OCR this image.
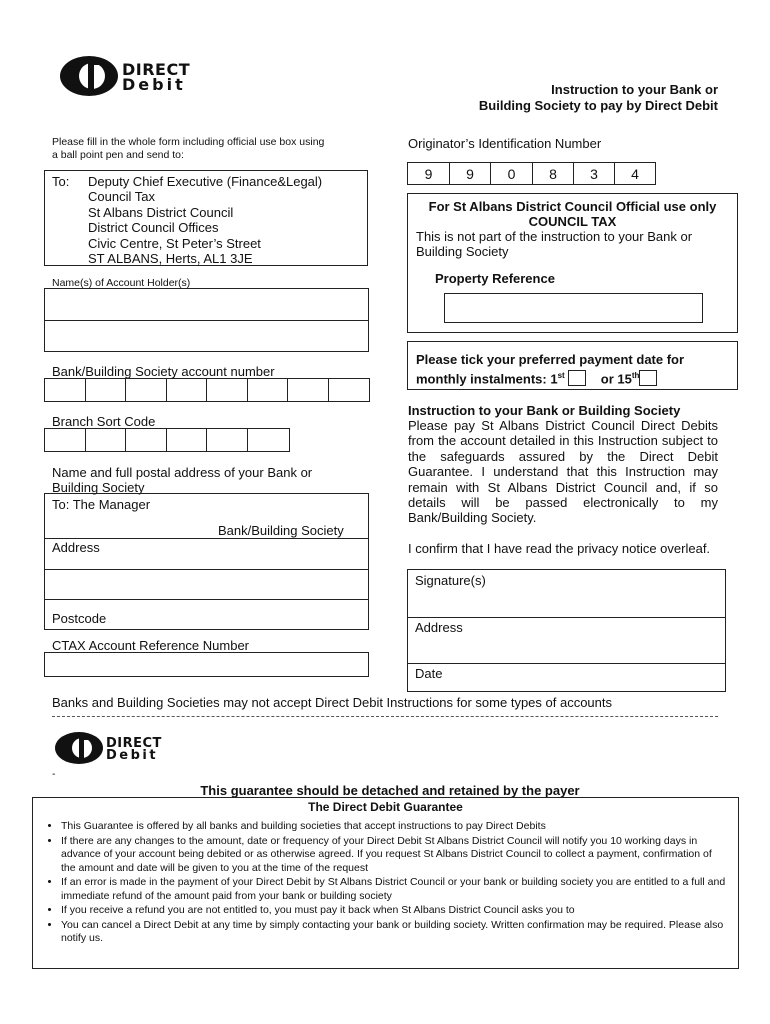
DIRECT
Debit	Instruction to your Bank or
Building Society to pay by Direct Debit
Please fill in the whole form including official use box using
a ball point pen and send to:
To: Deputy Chief Executive (Finance&Legal)
Council Tax
St Albans District Council
District Council Offices
Civic Centre, St Peter’s Street
ST ALBANS, Herts, AL1 3JE
Originator’s Identification Number
9	9	0	8	3	4
For St Albans District Council Official use only
COUNCIL TAX
This is not part of the instruction to your Bank or
Building Society
Property Reference
Name(s) of Account Holder(s)
Bank/Building Society account number
Branch Sort Code
Name and full postal address of your Bank or
Building Society
To: The Manager
Bank/Building Society
Address
Postcode
CTAX Account Reference Number
Please tick your preferred payment date for
monthly instalments: 1st	or 15th
Instruction to your Bank or Building Society
Please pay St Albans District Council Direct Debits from the account detailed in this Instruction subject to the safeguards assured by the Direct Debit Guarantee. I understand that this Instruction may remain with St Albans District Council and, if so details will be passed electronically to my Bank/Building Society.
I confirm that I have read the privacy notice overleaf.
Signature(s)
Address
Date
Banks and Building Societies may not accept Direct Debit Instructions for some types of accounts
DIRECT
Debit
-
This guarantee should be detached and retained by the payer
The Direct Debit Guarantee
• This Guarantee is offered by all banks and building societies that accept instructions to pay Direct Debits
• If there are any changes to the amount, date or frequency of your Direct Debit St Albans District Council will notify you 10 working days in advance of your account being debited or as otherwise agreed. If you request St Albans District Council to collect a payment, confirmation of the amount and date will be given to you at the time of the request
• If an error is made in the payment of your Direct Debit by St Albans District Council or your bank or building society you are entitled to a full and immediate refund of the amount paid from your bank or building society
• If you receive a refund you are not entitled to, you must pay it back when St Albans District Council asks you to
• You can cancel a Direct Debit at any time by simply contacting your bank or building society. Written confirmation may be required. Please also notify us.
